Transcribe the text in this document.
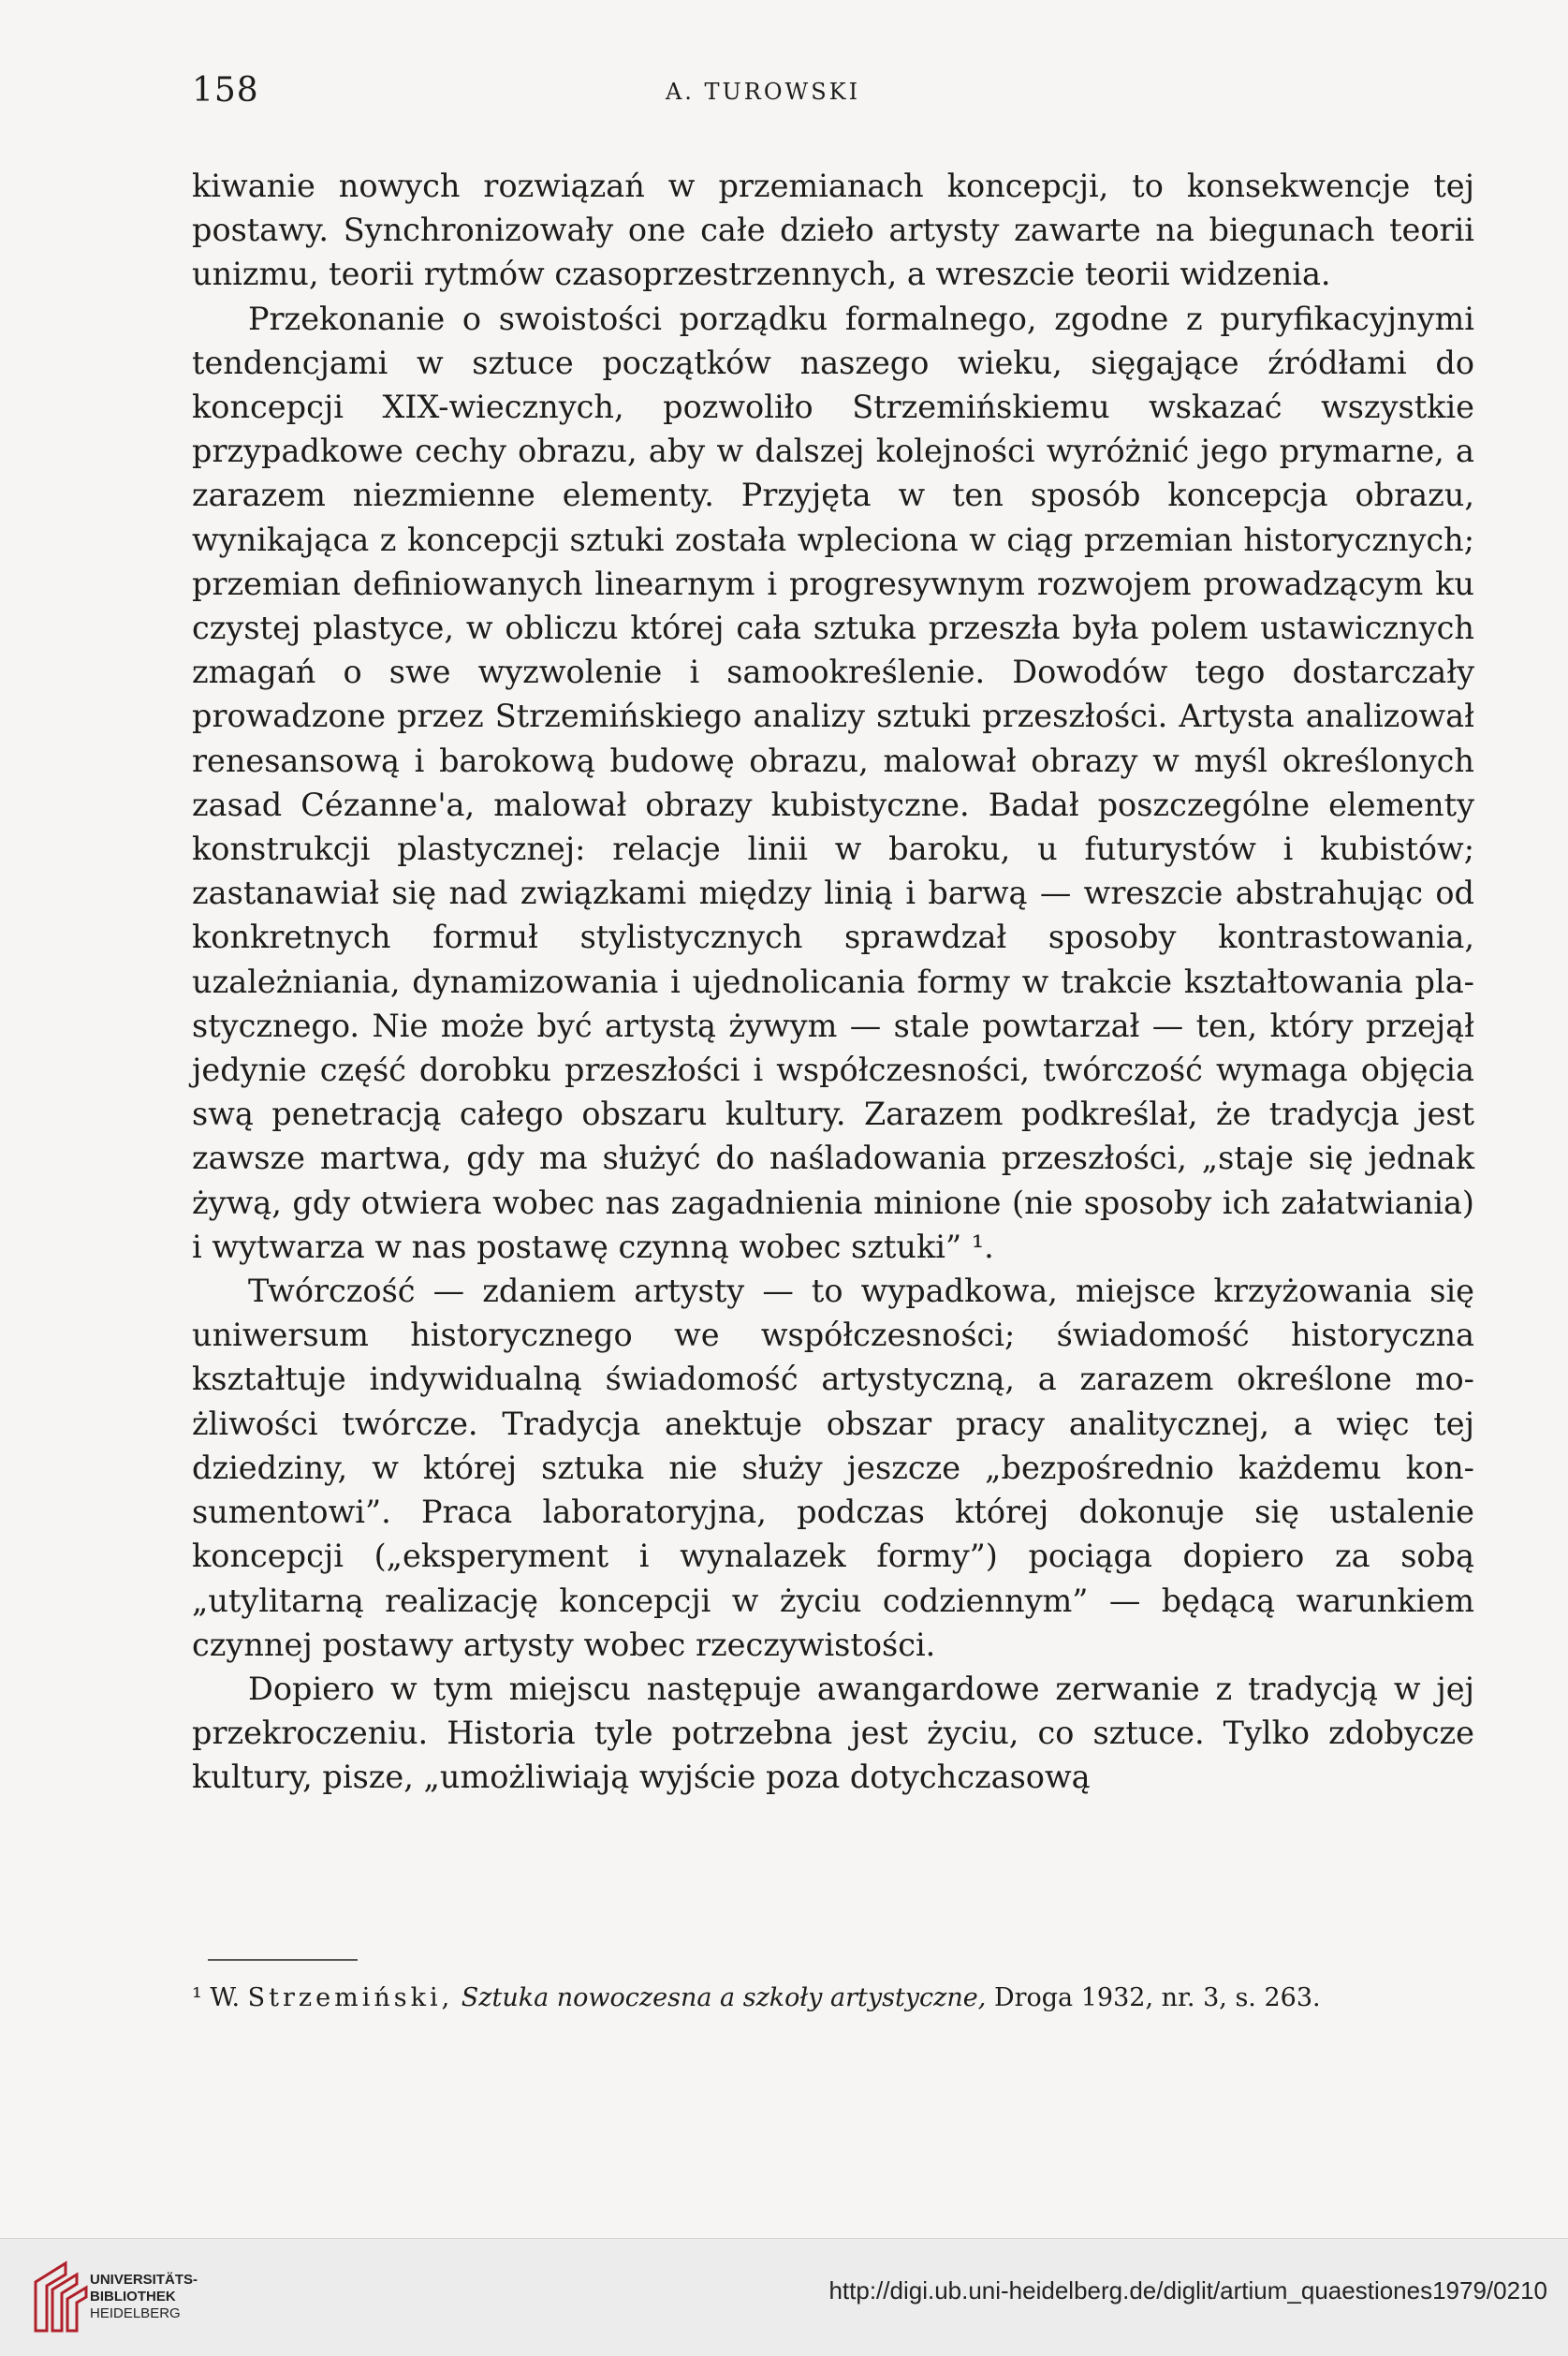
158	A. TUROWSKI

kiwanie nowych rozwiązań w przemianach koncepcji, to konsekwencje tej postawy. Synchronizowały one całe dzieło artysty zawarte na biegunach teorii unizmu, teorii rytmów czasoprzestrzennych, a wreszcie teorii widzenia.

Przekonanie o swoistości porządku formalnego, zgodne z puryfikacyjnymi tendencjami w sztuce początków naszego wieku, sięgające źródłami do koncepcji XIX-wiecznych, pozwoliło Strzemińskiemu wskazać wszystkie przypadkowe cechy obrazu, aby w dalszej kolejności wyróżnić jego prymarne, a zarazem niezmienne elementy. Przyjęta w ten sposób koncepcja obrazu, wynikająca z koncepcji sztuki została wpleciona w ciąg przemian historycznych; przemian definiowanych linearnym i progresywnym rozwojem prowadzącym ku czystej plastyce, w obliczu której cała sztuka przeszła była polem ustawicznych zmagań o swe wyzwolenie i samookreślenie. Dowodów tego dostarczały prowadzone przez Strzemińskiego analizy sztuki przeszłości. Artysta analizował renesansową i barokową budowę obrazu, malował obrazy w myśl określonych zasad Cézanne'a, malował obrazy kubistyczne. Badał poszczególne elementy konstrukcji plastycznej: relacje linii w baroku, u futurystów i kubistów; zastanawiał się nad związkami między linią i barwą — wreszcie abstrahując od konkretnych formuł stylistycznych sprawdzał sposoby kontrastowania, uzależniania, dynamizowania i ujednolicania formy w trakcie kształtowania plastycznego. Nie może być artystą żywym — stale powtarzał — ten, który przejął jedynie część dorobku przeszłości i współczesności, twórczość wymaga objęcia swą penetracją całego obszaru kultury. Zarazem podkreślał, że tradycja jest zawsze martwa, gdy ma służyć do naśladowania przeszłości, „staje się jednak żywą, gdy otwiera wobec nas zagadnienia minione (nie sposoby ich załatwiania) i wytwarza w nas postawę czynną wobec sztuki” ¹.

Twórczość — zdaniem artysty — to wypadkowa, miejsce krzyżowania się uniwersum historycznego we współczesności; świadomość historyczna kształtuje indywidualną świadomość artystyczną, a zarazem określone możliwości twórcze. Tradycja anektuje obszar pracy analitycznej, a więc tej dziedziny, w której sztuka nie służy jeszcze „bezpośrednio każdemu konsumentowi”. Praca laboratoryjna, podczas której dokonuje się ustalenie koncepcji („eksperyment i wynalazek formy”) pociąga dopiero za sobą „utylitarną realizację koncepcji w życiu codziennym” — będącą warunkiem czynnej postawy artysty wobec rzeczywistości.

Dopiero w tym miejscu następuje awangardowe zerwanie z tradycją w jej przekroczeniu. Historia tyle potrzebna jest życiu, co sztuce. Tylko zdobycze kultury, pisze, „umożliwiają wyjście poza dotychczasową

¹ W. Strzemiński, Sztuka nowoczesna a szkoły artystyczne, Droga 1932, nr. 3, s. 263.
UNIVERSITÄTS-
BIBLIOTHEK
HEIDELBERG
http://digi.ub.uni-heidelberg.de/diglit/artium_quaestiones1979/0210
